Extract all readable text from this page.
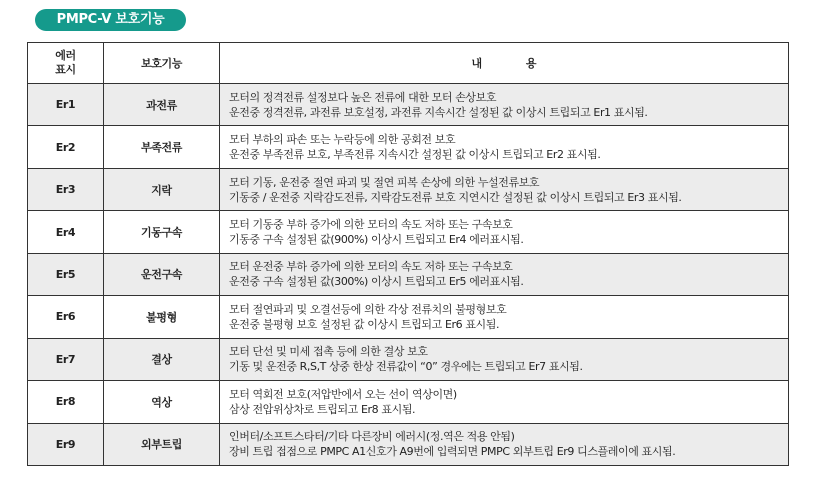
PMPC-V 보호기능
에러
표시	보호기능	내 용
Er1	과전류	모터의 정격전류 설정보다 높은 전류에 대한 모터 손상보호
운전중 정격전류, 과전류 보호설정, 과전류 지속시간 설정된 값 이상시 트립되고 Er1 표시됨.

Er2	부족전류	모터 부하의 파손 또는 누락등에 의한 공회전 보호
운전중 부족전류 보호, 부족전류 지속시간 설정된 값 이상시 트립되고 Er2 표시됨.

Er3	지락	모터 기동, 운전중 절연 파괴 및 절연 피복 손상에 의한 누설전류보호
기동중 / 운전중 지락감도전류, 지락감도전류 보호 지연시간 설정된 값 이상시 트립되고 Er3 표시됨.

Er4	기동구속	모터 기동중 부하 증가에 의한 모터의 속도 저하 또는 구속보호
기동중 구속 설정된 값(900%) 이상시 트립되고 Er4 에러표시됨.

Er5	운전구속	모터 운전중 부하 증가에 의한 모터의 속도 저하 또는 구속보호
운전중 구속 설정된 값(300%) 이상시 트립되고 Er5 에러표시됨.

Er6	불평형	모터 절연파괴 및 오결선등에 의한 각상 전류치의 불평형보호
운전중 불평형 보호 설정된 값 이상시 트립되고 Er6 표시됨.

Er7	결상	모터 단선 및 미세 접촉 등에 의한 결상 보호
기동 및 운전중 R,S,T 상중 한상 전류값이 “0” 경우에는 트립되고 Er7 표시됨.

Er8	역상	모터 역회전 보호(저압반에서 오는 선이 역상이면)
삼상 전압위상차로 트립되고 Er8 표시됨.

Er9	외부트립	인버터/소프트스타터/기타 다른장비 에러시(정.역은 적용 안됨)
장비 트립 접점으로 PMPC A1신호가 A9번에 입력되면 PMPC 외부트립 Er9 디스플레이에 표시됨.
